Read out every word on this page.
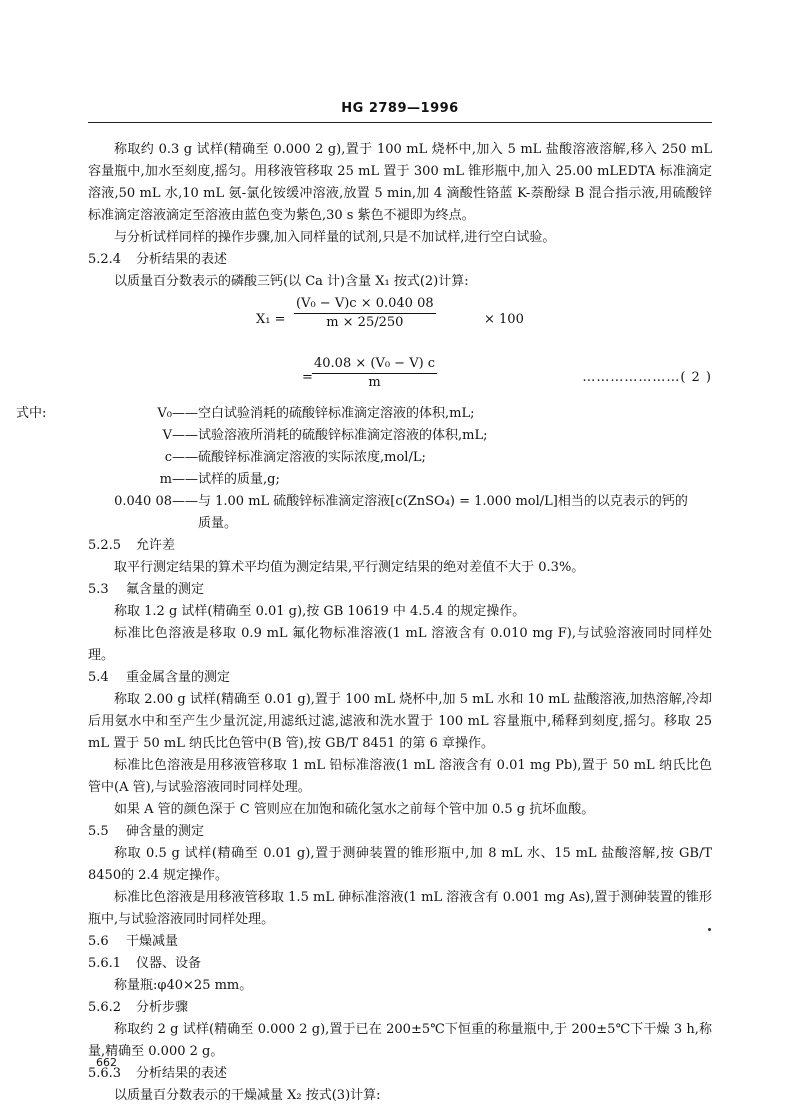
HG 2789—1996

称取约 0.3 g 试样(精确至 0.000 2 g),置于 100 mL 烧杯中,加入 5 mL 盐酸溶液溶解,移入 250 mL 容量瓶中,加水至刻度,摇匀。用移液管移取 25 mL 置于 300 mL 锥形瓶中,加入 25.00 mLEDTA 标准滴定溶液,50 mL 水,10 mL 氨-氯化铵缓冲溶液,放置 5 min,加 4 滴酸性铬蓝 K-萘酚绿 B 混合指示液,用硫酸锌标准滴定溶液滴定至溶液由蓝色变为紫色,30 s 紫色不褪即为终点。

与分析试样同样的操作步骤,加入同样量的试剂,只是不加试样,进行空白试验。

5.2.4 分析结果的表述

以质量百分数表示的磷酸三钙(以 Ca 计)含量 X₁ 按式(2)计算:

$X_1 = \frac{\text{(V₀ − V)c × 0.040 08}}{m \times 25/250}$	× 100
= $\frac{\text{40.08 × (V₀ − V) c}}{m}$	…………………( 2 )
式中:	V₀—— 空白试验消耗的硫酸锌标准滴定溶液的体积,mL;
V—— 试验溶液所消耗的硫酸锌标准滴定溶液的体积,mL;
c—— 硫酸锌标准滴定溶液的实际浓度,mol/L;
m—— 试样的质量,g;
0.040 08—— 与 1.00 mL 硫酸锌标准滴定溶液[c(ZnSO₄) = 1.000 mol/L]相当的以克表示的钙的
质量。

5.2.5 允许差

取平行测定结果的算术平均值为测定结果,平行测定结果的绝对差值不大于 0.3%。

5.3 氟含量的测定

称取 1.2 g 试样(精确至 0.01 g),按 GB 10619 中 4.5.4 的规定操作。

标准比色溶液是移取 0.9 mL 氟化物标准溶液(1 mL 溶液含有 0.010 mg F),与试验溶液同时同样处理。

5.4 重金属含量的测定

称取 2.00 g 试样(精确至 0.01 g),置于 100 mL 烧杯中,加 5 mL 水和 10 mL 盐酸溶液,加热溶解,冷却后用氨水中和至产生少量沉淀,用滤纸过滤,滤液和洗水置于 100 mL 容量瓶中,稀释到刻度,摇匀。移取 25 mL 置于 50 mL 纳氏比色管中(B 管),按 GB/T 8451 的第 6 章操作。

标准比色溶液是用移液管移取 1 mL 铅标准溶液(1 mL 溶液含有 0.01 mg Pb),置于 50 mL 纳氏比色管中(A 管),与试验溶液同时同样处理。

如果 A 管的颜色深于 C 管则应在加饱和硫化氢水之前每个管中加 0.5 g 抗坏血酸。

5.5 砷含量的测定

称取 0.5 g 试样(精确至 0.01 g),置于测砷装置的锥形瓶中,加 8 mL 水、15 mL 盐酸溶解,按 GB/T 8450的 2.4 规定操作。

标准比色溶液是用移液管移取 1.5 mL 砷标准溶液(1 mL 溶液含有 0.001 mg As),置于测砷装置的锥形瓶中,与试验溶液同时同样处理。

5.6 干燥减量

5.6.1 仪器、设备

称量瓶:φ40×25 mm。

5.6.2 分析步骤

称取约 2 g 试样(精确至 0.000 2 g),置于已在 200±5℃下恒重的称量瓶中,于 200±5℃下干燥 3 h,称量,精确至 0.000 2 g。

5.6.3 分析结果的表述

以质量百分数表示的干燥减量 X₂ 按式(3)计算:

662
